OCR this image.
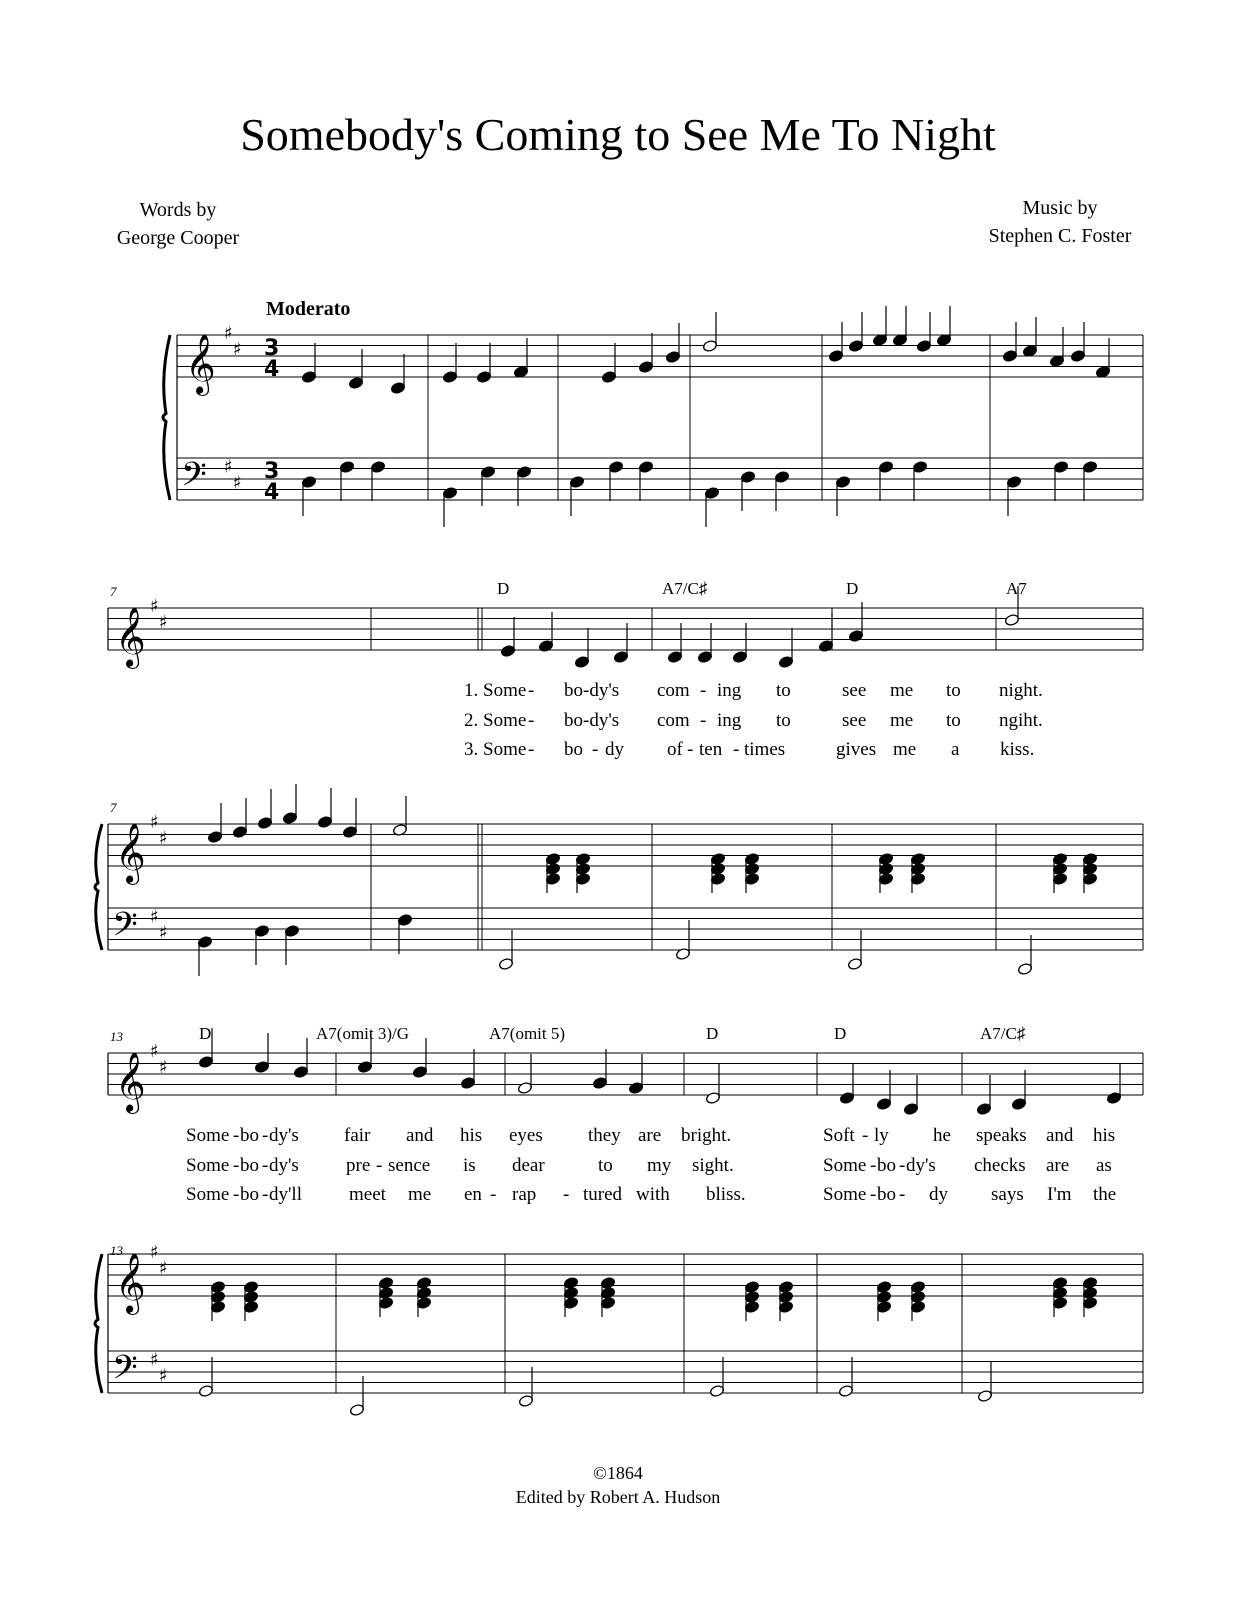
Somebody's Coming to See Me To Night
Words by
George Cooper
Music by
Stephen C. Foster
Moderato
7
7
13
13
D	A7/C♯	D	A7
D	A7(omit 3)/G	A7(omit 5)	D	D	A7/C♯
1. Some - bo-dy's com - ing to	see me to night.
2. Some - bo-dy's com - ing to	see me to ngiht.
3. Some - bo - dy of - ten - times	gives me a kiss.
Some - bo - dy's fair and his eyes they are bright.	Soft - ly he speaks and his
Some - bo - dy's pre - sence is dear	to my sight.	Some - bo - dy's checks are as
Some - bo - dy'll meet me en - rap - tured with bliss.	Some - bo - dy says I'm the
©1864
Edited by Robert A. Hudson
𝄞
𝄢
♯
♯
♯
♯
3
4
3
4
𝄞
𝄞
𝄢
♯
♯
♯
♯
♯
♯
𝄞
𝄞
𝄢
♯
♯
♯
♯
♯
♯
